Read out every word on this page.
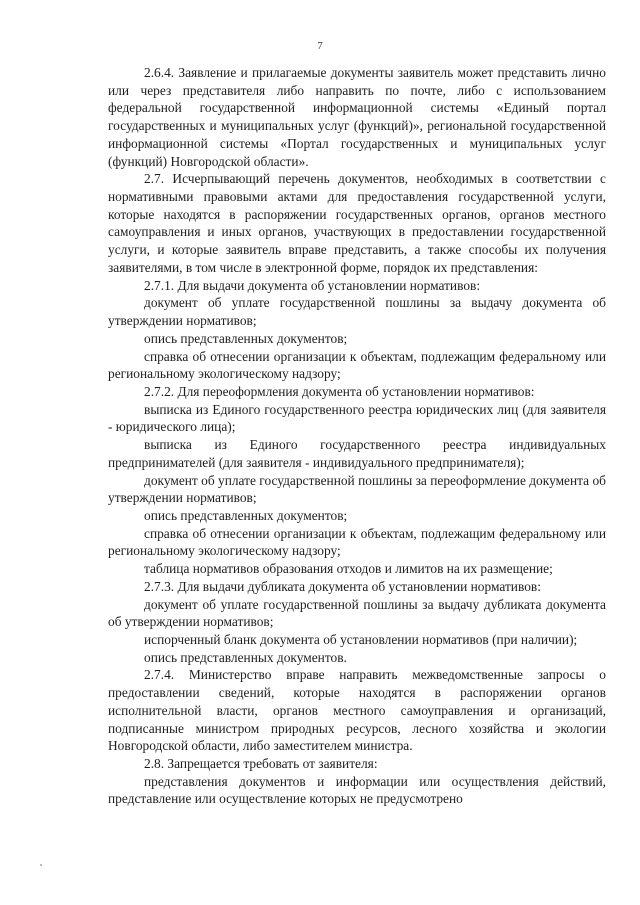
7

2.6.4. Заявление и прилагаемые документы заявитель может представить лично или через представителя либо направить по почте, либо с использованием федеральной государственной информационной системы «Единый портал государственных и муниципальных услуг (функций)», региональной государственной информационной системы «Портал государственных и муниципальных услуг (функций) Новгородской области».

2.7. Исчерпывающий перечень документов, необходимых в соответствии с нормативными правовыми актами для предоставления государственной услуги, которые находятся в распоряжении государственных органов, органов местного самоуправления и иных органов, участвующих в предоставлении государственной услуги, и которые заявитель вправе представить, а также способы их получения заявителями, в том числе в электронной форме, порядок их представления:

2.7.1. Для выдачи документа об установлении нормативов:

документ об уплате государственной пошлины за выдачу документа об утверждении нормативов;

опись представленных документов;

справка об отнесении организации к объектам, подлежащим федеральному или региональному экологическому надзору;

2.7.2. Для переоформления документа об установлении нормативов:

выписка из Единого государственного реестра юридических лиц (для заявителя - юридического лица);

выписка из Единого государственного реестра индивидуальных предпринимателей (для заявителя - индивидуального предпринимателя);

документ об уплате государственной пошлины за переоформление документа об утверждении нормативов;

опись представленных документов;

справка об отнесении организации к объектам, подлежащим федеральному или региональному экологическому надзору;

таблица нормативов образования отходов и лимитов на их размещение;

2.7.3. Для выдачи дубликата документа об установлении нормативов:

документ об уплате государственной пошлины за выдачу дубликата документа об утверждении нормативов;

испорченный бланк документа об установлении нормативов (при наличии);

опись представленных документов.

2.7.4. Министерство вправе направить межведомственные запросы о предоставлении сведений, которые находятся в распоряжении органов исполнительной власти, органов местного самоуправления и организаций, подписанные министром природных ресурсов, лесного хозяйства и экологии Новгородской области, либо заместителем министра.

2.8. Запрещается требовать от заявителя:

представления документов и информации или осуществления действий, представление или осуществление которых не предусмотрено
